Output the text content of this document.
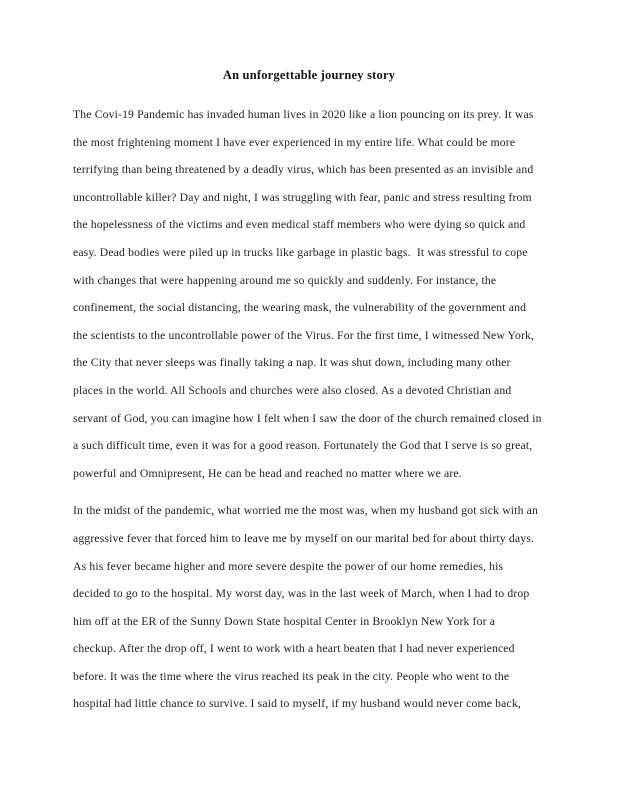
An unforgettable journey story
The Covi-19 Pandemic has invaded human lives in 2020 like a lion pouncing on its prey. It was
the most frightening moment I have ever experienced in my entire life. What could be more
terrifying than being threatened by a deadly virus, which has been presented as an invisible and
uncontrollable killer? Day and night, I was struggling with fear, panic and stress resulting from
the hopelessness of the victims and even medical staff members who were dying so quick and
easy. Dead bodies were piled up in trucks like garbage in plastic bags.  It was stressful to cope
with changes that were happening around me so quickly and suddenly. For instance, the
confinement, the social distancing, the wearing mask, the vulnerability of the government and
the scientists to the uncontrollable power of the Virus. For the first time, I witnessed New York,
the City that never sleeps was finally taking a nap. It was shut down, including many other
places in the world. All Schools and churches were also closed. As a devoted Christian and
servant of God, you can imagine how I felt when I saw the door of the church remained closed in
a such difficult time, even it was for a good reason. Fortunately the God that I serve is so great,
powerful and Omnipresent, He can be head and reached no matter where we are.
In the midst of the pandemic, what worried me the most was, when my husband got sick with an
aggressive fever that forced him to leave me by myself on our marital bed for about thirty days.
As his fever became higher and more severe despite the power of our home remedies, his
decided to go to the hospital. My worst day, was in the last week of March, when I had to drop
him off at the ER of the Sunny Down State hospital Center in Brooklyn New York for a
checkup. After the drop off, I went to work with a heart beaten that I had never experienced
before. It was the time where the virus reached its peak in the city. People who went to the
hospital had little chance to survive. I said to myself, if my husband would never come back,
